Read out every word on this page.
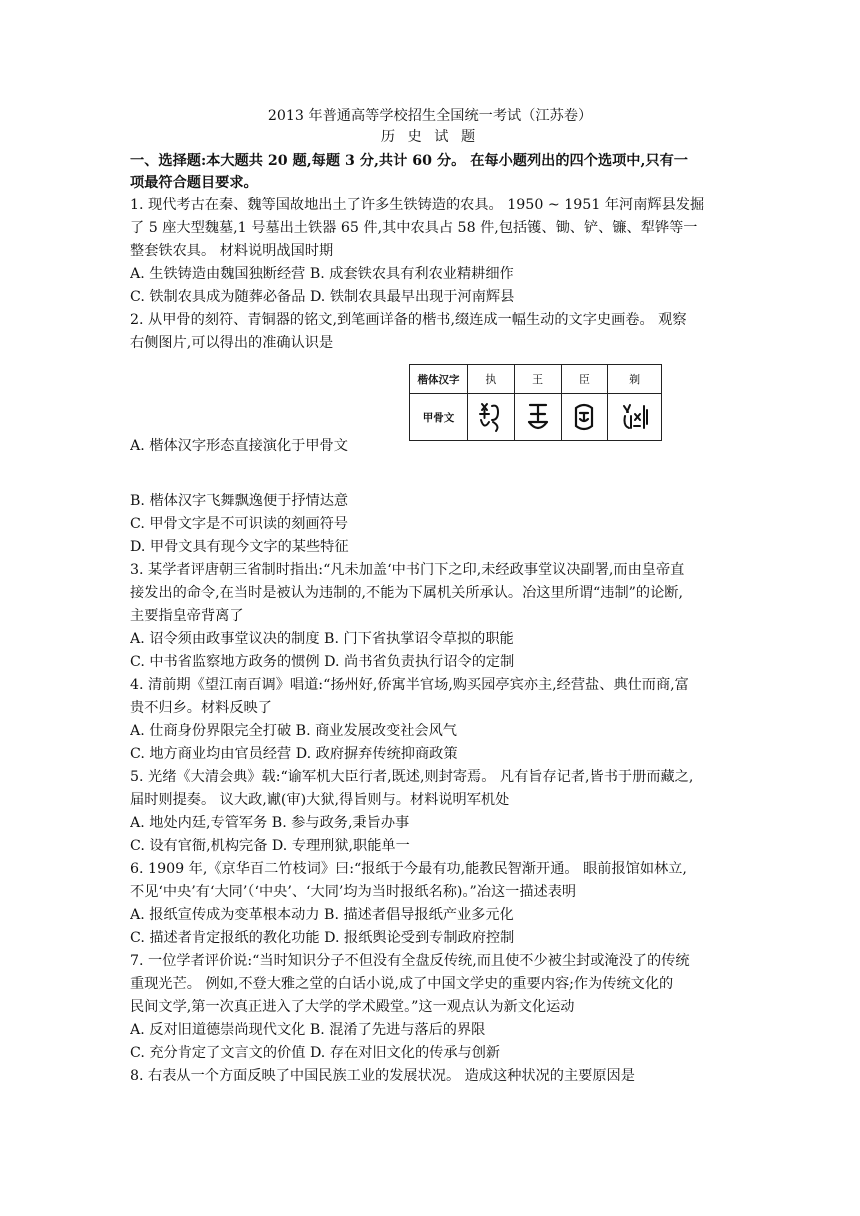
2013 年普通高等学校招生全国统一考试（江苏卷）
历 史 试 题
一、选择题:本大题共 20 题,每题 3 分,共计 60 分。 在每小题列出的四个选项中,只有一
项最符合题目要求。
1. 现代考古在秦、魏等国故地出土了许多生铁铸造的农具。 1950 ~ 1951 年河南辉县发掘
了 5 座大型魏墓,1 号墓出土铁器 65 件,其中农具占 58 件,包括镬、锄、铲、镰、犁铧等一
整套铁农具。 材料说明战国时期
A. 生铁铸造由魏国独断经营 B. 成套铁农具有利农业精耕细作
C. 铁制农具成为随葬必备品 D. 铁制农具最早出现于河南辉县
2. 从甲骨的刻符、青铜器的铭文,到笔画详备的楷书,缀连成一幅生动的文字史画卷。 观察
右侧图片,可以得出的准确认识是
楷体汉字	执	王	臣	剃
甲骨文	

A. 楷体汉字形态直接演化于甲骨文
B. 楷体汉字飞舞飘逸便于抒情达意
C. 甲骨文字是不可识读的刻画符号
D. 甲骨文具有现今文字的某些特征
3. 某学者评唐朝三省制时指出:“凡未加盖‘中书门下之印,未经政事堂议决副署,而由皇帝直
接发出的命令,在当时是被认为违制的,不能为下属机关所承认。冶这里所谓“违制”的论断,
主要指皇帝背离了
A. 诏令须由政事堂议决的制度 B. 门下省执掌诏令草拟的职能
C. 中书省监察地方政务的惯例 D. 尚书省负责执行诏令的定制
4. 清前期《望江南百调》唱道:“扬州好,侨寓半官场,购买园亭宾亦主,经营盐、典仕而商,富
贵不归乡。材料反映了
A. 仕商身份界限完全打破 B. 商业发展改变社会风气
C. 地方商业均由官员经营 D. 政府摒弃传统抑商政策
5. 光绪《大清会典》载:“谕军机大臣行者,既述,则封寄焉。 凡有旨存记者,皆书于册而藏之,
届时则提奏。 议大政,谳(审)大狱,得旨则与。材料说明军机处
A. 地处内廷,专管军务 B. 参与政务,秉旨办事
C. 设有官衙,机构完备 D. 专理刑狱,职能单一
6. 1909 年,《京华百二竹枝词》曰:“报纸于今最有功,能教民智渐开通。 眼前报馆如林立,
不见‘中央’有‘大同’（‘中央’、‘大同’均为当时报纸名称)。”冶这一描述表明
A. 报纸宣传成为变革根本动力 B. 描述者倡导报纸产业多元化
C. 描述者肯定报纸的教化功能 D. 报纸舆论受到专制政府控制
7. 一位学者评价说:“当时知识分子不但没有全盘反传统,而且使不少被尘封或淹没了的传统
重现光芒。 例如,不登大雅之堂的白话小说,成了中国文学史的重要内容;作为传统文化的
民间文学,第一次真正进入了大学的学术殿堂。”这一观点认为新文化运动
A. 反对旧道德崇尚现代文化 B. 混淆了先进与落后的界限
C. 充分肯定了文言文的价值 D. 存在对旧文化的传承与创新
8. 右表从一个方面反映了中国民族工业的发展状况。 造成这种状况的主要原因是
